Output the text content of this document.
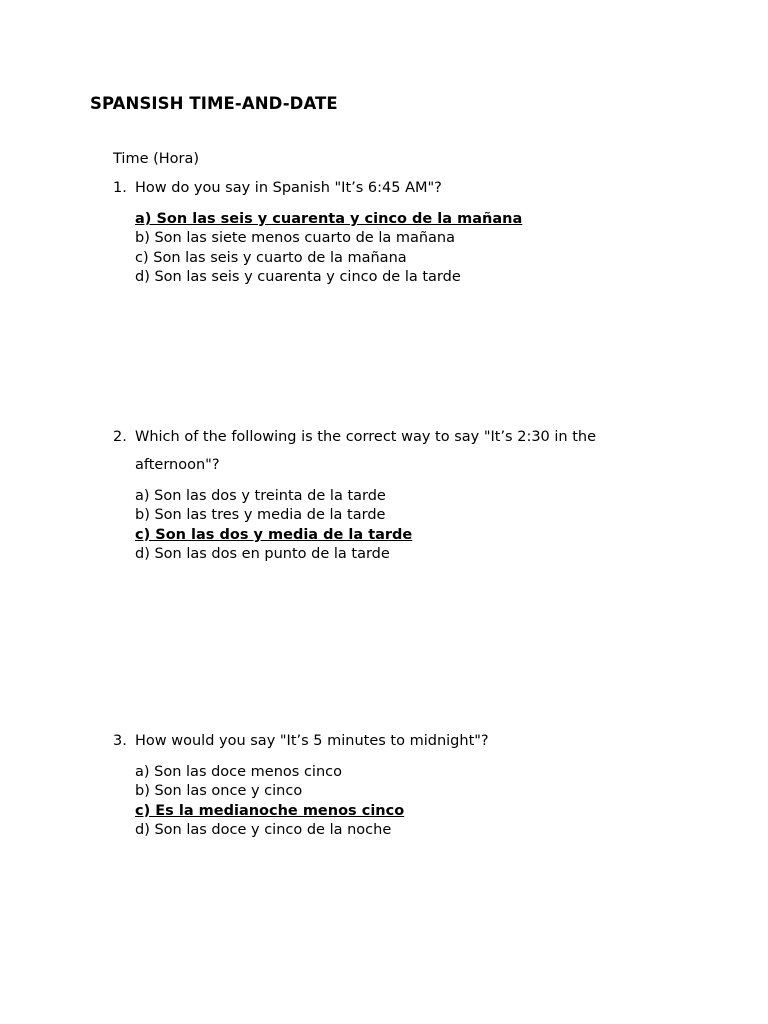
SPANSISH TIME-AND-DATE
Time (Hora)
1. How do you say in Spanish "It’s 6:45 AM"?
a) Son las seis y cuarenta y cinco de la mañana
b) Son las siete menos cuarto de la mañana
c) Son las seis y cuarto de la mañana
d) Son las seis y cuarenta y cinco de la tarde
2. Which of the following is the correct way to say "It’s 2:30 in the afternoon"?
a) Son las dos y treinta de la tarde
b) Son las tres y media de la tarde
c) Son las dos y media de la tarde
d) Son las dos en punto de la tarde
3. How would you say "It’s 5 minutes to midnight"?
a) Son las doce menos cinco
b) Son las once y cinco
c) Es la medianoche menos cinco
d) Son las doce y cinco de la noche
